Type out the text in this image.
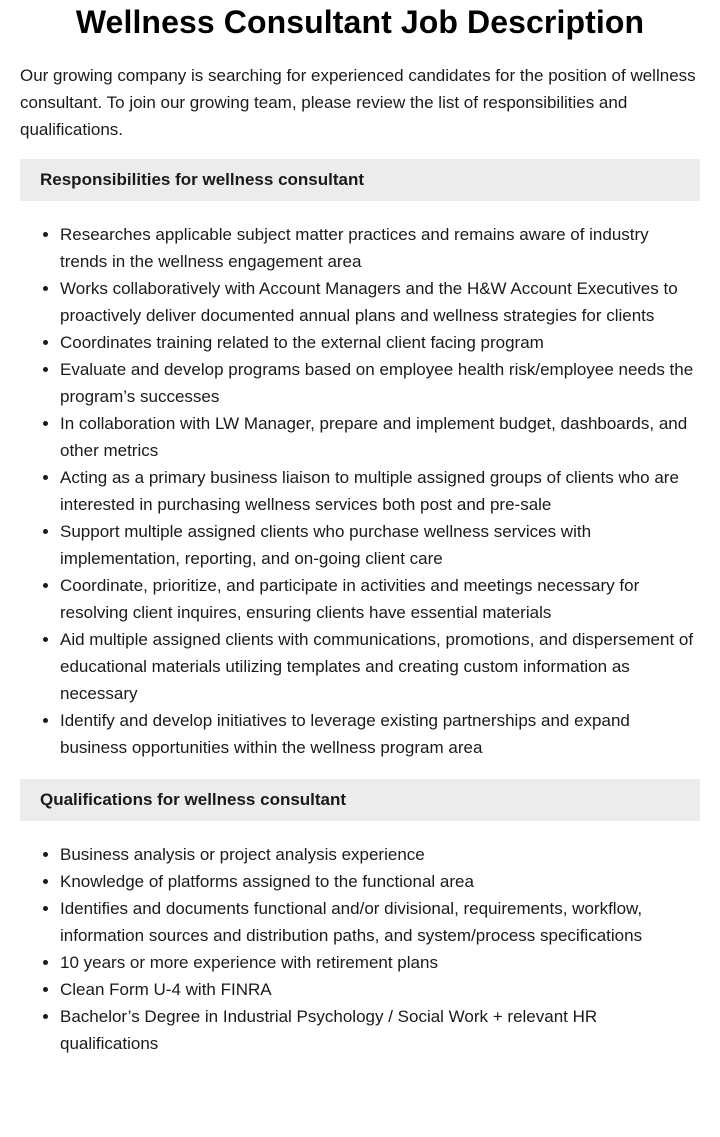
Wellness Consultant Job Description

Our growing company is searching for experienced candidates for the position of wellness consultant. To join our growing team, please review the list of responsibilities and qualifications.

Responsibilities for wellness consultant
• Researches applicable subject matter practices and remains aware of industry trends in the wellness engagement area
• Works collaboratively with Account Managers and the H&W Account Executives to proactively deliver documented annual plans and wellness strategies for clients
• Coordinates training related to the external client facing program
• Evaluate and develop programs based on employee health risk/employee needs the program’s successes
• In collaboration with LW Manager, prepare and implement budget, dashboards, and other metrics
• Acting as a primary business liaison to multiple assigned groups of clients who are interested in purchasing wellness services both post and pre-sale
• Support multiple assigned clients who purchase wellness services with implementation, reporting, and on-going client care
• Coordinate, prioritize, and participate in activities and meetings necessary for resolving client inquires, ensuring clients have essential materials
• Aid multiple assigned clients with communications, promotions, and dispersement of educational materials utilizing templates and creating custom information as necessary
• Identify and develop initiatives to leverage existing partnerships and expand business opportunities within the wellness program area
Qualifications for wellness consultant
• Business analysis or project analysis experience
• Knowledge of platforms assigned to the functional area
• Identifies and documents functional and/or divisional, requirements, workflow, information sources and distribution paths, and system/process specifications
• 10 years or more experience with retirement plans
• Clean Form U-4 with FINRA
• Bachelor’s Degree in Industrial Psychology / Social Work + relevant HR qualifications
